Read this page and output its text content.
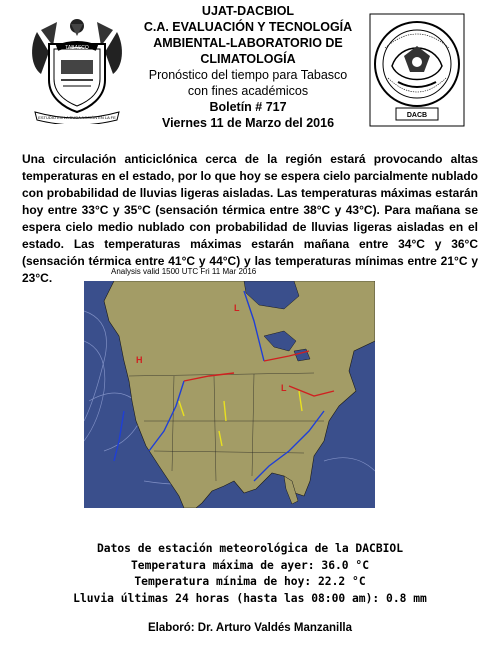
TABASCO
ESTUDIO EN LA DUDA ACCIÓN EN LA FE
UJAT-DACBIOL
C.A. EVALUACIÓN Y TECNOLOGÍA
AMBIENTAL-LABORATORIO DE
CLIMATOLOGÍA
Pronóstico del tiempo para Tabasco
con fines académicos
Boletín # 717
Viernes 11 de Marzo del 2016
DACB
Una circulación anticiclónica cerca de la región estará provocando altas temperaturas en el estado, por lo que hoy se espera cielo parcialmente nublado con probabilidad de lluvias ligeras aisladas. Las temperaturas máximas estarán hoy entre 33°C y 35°C (sensación térmica entre 38°C y 43°C). Para mañana se espera cielo medio nublado con probabilidad de lluvias ligeras aisladas en el estado. Las temperaturas máximas estarán mañana entre 34°C y 36°C (sensación térmica entre 41°C y 44°C) y las temperaturas mínimas entre 21°C y 23°C.	Analysis valid 1500 UTC Fri 11 Mar 2016
H
L
L
Datos de estación meteorológica de la DACBIOL
Temperatura máxima de ayer: 36.0 °C
Temperatura mínima de hoy: 22.2 °C
Lluvia últimas 24 horas (hasta las 08:00 am): 0.8 mm
Elaboró: Dr. Arturo Valdés Manzanilla
